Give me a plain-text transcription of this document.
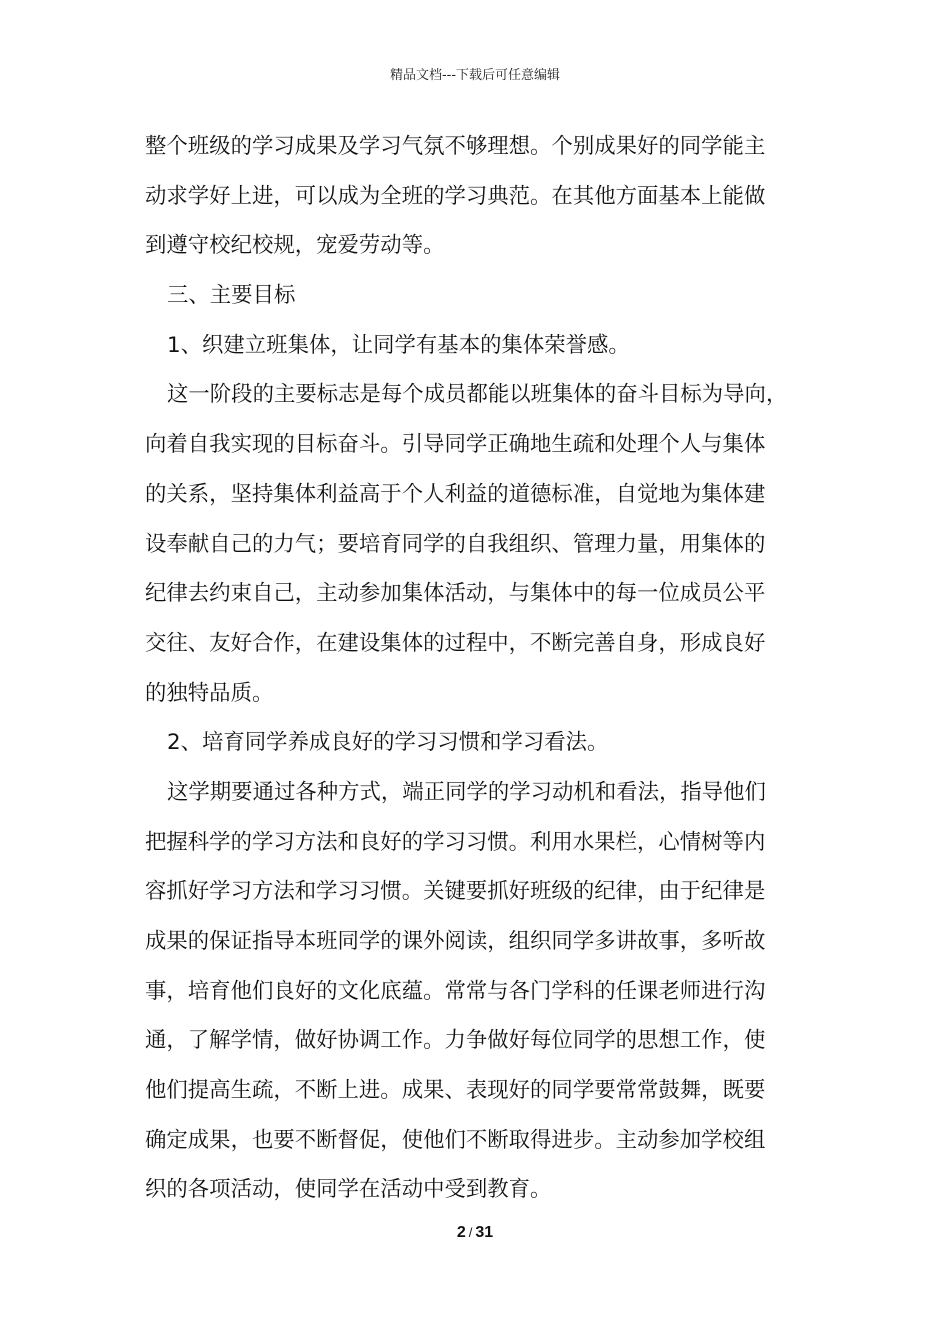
精品文档---下载后可任意编辑
整个班级的学习成果及学习气氛不够理想。个别成果好的同学能主
动求学好上进，可以成为全班的学习典范。在其他方面基本上能做
到遵守校纪校规，宠爱劳动等。
三、主要目标
1、织建立班集体，让同学有基本的集体荣誉感。
这一阶段的主要标志是每个成员都能以班集体的奋斗目标为导向，
向着自我实现的目标奋斗。引导同学正确地生疏和处理个人与集体
的关系，坚持集体利益高于个人利益的道德标准，自觉地为集体建
设奉献自己的力气；要培育同学的自我组织、管理力量，用集体的
纪律去约束自己，主动参加集体活动，与集体中的每一位成员公平
交往、友好合作，在建设集体的过程中，不断完善自身，形成良好
的独特品质。
2、培育同学养成良好的学习习惯和学习看法。
这学期要通过各种方式，端正同学的学习动机和看法，指导他们
把握科学的学习方法和良好的学习习惯。利用水果栏，心情树等内
容抓好学习方法和学习习惯。关键要抓好班级的纪律，由于纪律是
成果的保证指导本班同学的课外阅读，组织同学多讲故事，多听故
事，培育他们良好的文化底蕴。常常与各门学科的任课老师进行沟
通，了解学情，做好协调工作。力争做好每位同学的思想工作，使
他们提高生疏，不断上进。成果、表现好的同学要常常鼓舞，既要
确定成果，也要不断督促，使他们不断取得进步。主动参加学校组
织的各项活动，使同学在活动中受到教育。
2 / 31
